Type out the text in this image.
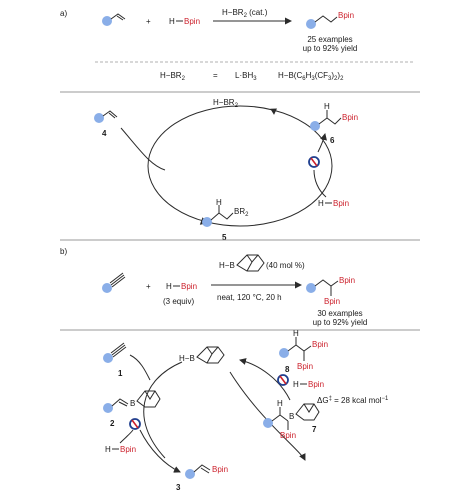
a)
+ H Bpin
$H-BR_2$ (cat.)	Bpin
25 examples
up to 92% yield
$H-BR_2$	= $L\cdot BH_3$	$H-B(C_6H_3(CF_3)_2)_2$
$H-BR_2$
4
H
$BR_2$
5
H
Bpin
6
H Bpin
b)
+ H Bpin
(3 equiv)
H−B	(40 mol %)
neat, 120 °C, 20 h
Bpin
Bpin
30 examples
up to 92% yield
H−B
1
B
2
H Bpin
Bpin
3
H
Bpin
Bpin
8
H Bpin
ΔG‡ = 28 kcal mol$^{-1}$
H
B
Bpin
7
